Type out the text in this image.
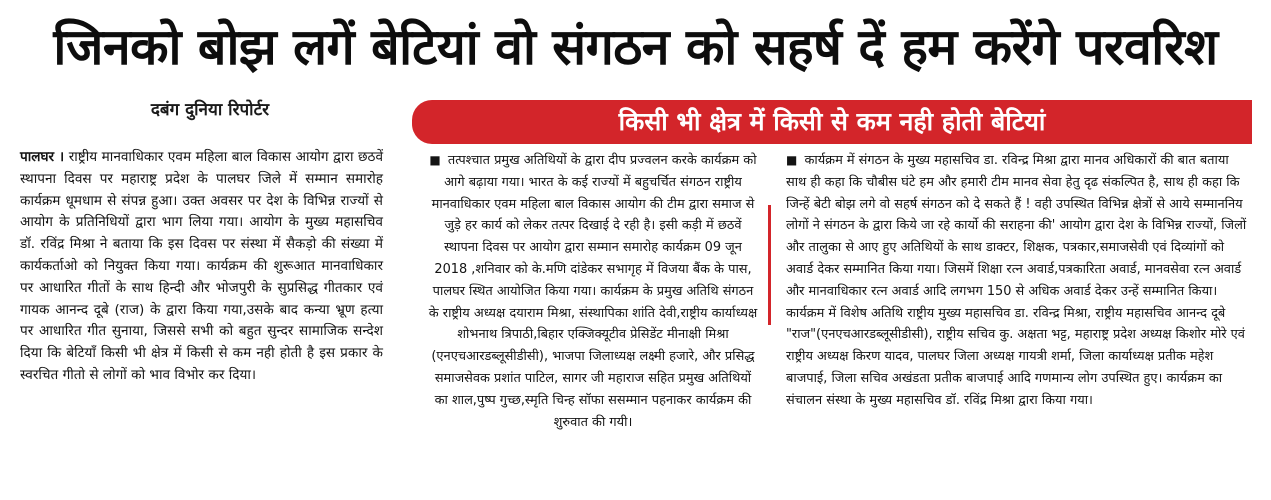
जिनको बोझ लगें बेटियां वो संगठन को सहर्ष दें हम करेंगे परवरिश
दबंग दुनिया रिपोर्टर	किसी भी क्षेत्र में किसी से कम नही होती बेटियां
पालघर । राष्ट्रीय मानवाधिकार एवम महिला बाल विकास आयोग द्वारा छठवें स्थापना दिवस पर महाराष्ट्र प्रदेश के पालघर जिले में सम्मान समारोह कार्यक्रम धूमधाम से संपन्न हुआ। उक्त अवसर पर देश के विभिन्न राज्यों से आयोग के प्रतिनिधियों द्वारा भाग लिया गया। आयोग के मुख्य महासचिव डॉ. रविंद्र मिश्रा ने बताया कि इस दिवस पर संस्था में सैकड़ो की संख्या में कार्यकर्ताओ को नियुक्त किया गया। कार्यक्रम की शुरूआत मानवाधिकार पर आधारित गीतों के साथ हिन्दी और भोजपुरी के सुप्रसिद्ध गीतकार एवं गायक आनन्द दूबे (राज) के द्वारा किया गया,उसके बाद कन्या भ्रूण हत्या पर आधारित गीत सुनाया, जिससे सभी को बहुत सुन्दर सामाजिक सन्देश दिया कि बेटियाँ किसी भी क्षेत्र में किसी से कम नही होती है इस प्रकार के स्वरचित गीतो से लोगों को भाव विभोर कर दिया।
■ तत्पश्चात प्रमुख अतिथियों के द्वारा दीप प्रज्वलन करके कार्यक्रम को आगे बढ़ाया गया। भारत के कई राज्यों में बहुचर्चित संगठन राष्ट्रीय मानवाधिकार एवम महिला बाल विकास आयोग की टीम द्वारा समाज से जुड़े हर कार्य को लेकर तत्पर दिखाई दे रही है। इसी कड़ी में छठवें स्थापना दिवस पर आयोग द्वारा सम्मान समारोह कार्यक्रम 09 जून 2018 ,शनिवार को के.मणि दांडेकर सभागृह में विजया बैंक के पास, पालघर स्थित आयोजित किया गया। कार्यक्रम के प्रमुख अतिथि संगठन के राष्ट्रीय अध्यक्ष दयाराम मिश्रा, संस्थापिका शांति देवी,राष्ट्रीय कार्याध्यक्ष शोभनाथ त्रिपाठी,बिहार एक्जिक्यूटीव प्रेसिडेंट मीनाक्षी मिश्रा (एनएचआरडब्लूसीडीसी), भाजपा जिलाध्यक्ष लक्ष्मी हजारे, और प्रसिद्ध समाजसेवक प्रशांत पाटिल, सागर जी महाराज सहित प्रमुख अतिथियों का शाल,पुष्प गुच्छ,स्मृति चिन्ह सॉफा ससम्मान पहनाकर कार्यक्रम की शुरुवात की गयी।
■ कार्यक्रम में संगठन के मुख्य महासचिव डा. रविन्द्र मिश्रा द्वारा मानव अधिकारों की बात बताया साथ ही कहा कि चौबीस घंटे हम और हमारी टीम मानव सेवा हेतु दृढ संकल्पित है, साथ ही कहा कि जिन्हें बेटी बोझ लगे वो सहर्ष संगठन को दे सकते हैं ! वही उपस्थित विभिन्न क्षेत्रों से आये सम्माननिय लोगों ने संगठन के द्वारा किये जा रहे कार्यो की सराहना की' आयोग द्वारा देश के विभिन्न राज्यों, जिलों और तालुका से आए हुए अतिथियों के साथ डाक्टर, शिक्षक, पत्रकार,समाजसेवी एवं दिव्यांगों को अवार्ड देकर सम्मानित किया गया। जिसमें शिक्षा रत्न अवार्ड,पत्रकारिता अवार्ड, मानवसेवा रत्न अवार्ड और मानवाधिकार रत्न अवार्ड आदि लगभग 150 से अधिक अवार्ड देकर उन्हें सम्मानित किया। कार्यक्रम में विशेष अतिथि राष्ट्रीय मुख्य महासचिव डा. रविन्द्र मिश्रा, राष्ट्रीय महासचिव आनन्द दूबे "राज"(एनएचआरडब्लूसीडीसी), राष्ट्रीय सचिव कु. अक्षता भट्ट, महाराष्ट्र प्रदेश अध्यक्ष किशोर मोरे एवं राष्ट्रीय अध्यक्ष किरण यादव, पालघर जिला अध्यक्ष गायत्री शर्मा, जिला कार्याध्यक्ष प्रतीक महेश बाजपाई, जिला सचिव अखंडता प्रतीक बाजपाई आदि गणमान्य लोग उपस्थित हुए। कार्यक्रम का संचालन संस्था के मुख्य महासचिव डॉ. रविंद्र मिश्रा द्वारा किया गया।
